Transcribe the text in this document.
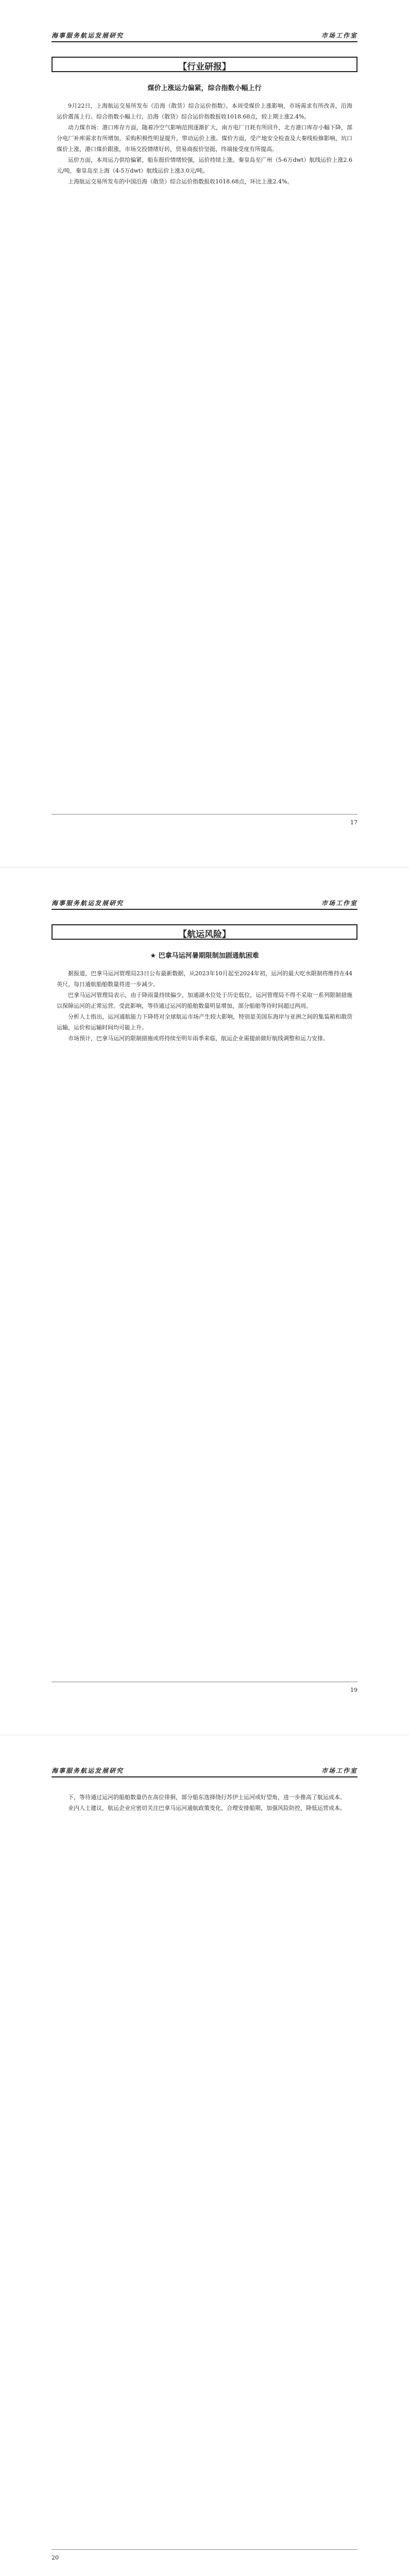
海事服务航运发展研究	市场工作室
【行业研报】
煤价上涨运力偏紧，综合指数小幅上行

9月22日，上海航运交易所发布《沿海（散货）综合运价指数》。本周受煤价上涨影响，市场需求有所改善，沿海运价震荡上行。综合指数小幅上行，沿海（散货）综合运价指数报收1018.68点，较上期上涨2.4%。

动力煤市场：港口库存方面，随着冷空气影响范围逐渐扩大，南方电厂日耗有所回升，北方港口库存小幅下降，部分电厂补库需求有所增加，采购积极性明显提升，带动运价上涨。煤价方面，受产地安全检查及大秦线检修影响，坑口煤价上涨，港口煤价跟涨，市场交投情绪好转，贸易商报价坚挺，终端接受度有所提高。

运价方面，本周运力供给偏紧，船东挺价情绪较强，运价持续上涨。秦皇岛至广州（5-6万dwt）航线运价上涨2.6元/吨，秦皇岛至上海（4-5万dwt）航线运价上涨3.0元/吨。

上海航运交易所发布的中国沿海（散货）综合运价指数报收1018.68点，环比上涨2.4%。

17
海事服务航运发展研究	市场工作室
【航运风险】
★ 巴拿马运河暑期限制加剧通航困难

据报道，巴拿马运河管理局23日公布最新数据，从2023年10月起至2024年初，运河的最大吃水限制将维持在44英尺，每日通航船舶数量将进一步减少。

巴拿马运河管理局表示，由于降雨量持续偏少，加通湖水位处于历史低位，运河管理局不得不采取一系列限制措施以保障运河的正常运营。受此影响，等待通过运河的船舶数量明显增加，部分船舶等待时间超过两周。

分析人士指出，运河通航能力下降将对全球航运市场产生较大影响，特别是美国东海岸与亚洲之间的集装箱和散货运输，运价和运输时间均可能上升。

市场预计，巴拿马运河的限制措施或将持续至明年雨季来临，航运企业需提前做好航线调整和运力安排。

19
海事服务航运发展研究	市场工作室

下，等待通过运河的船舶数量仍在高位徘徊，部分船东选择绕行苏伊士运河或好望角，进一步推高了航运成本。

业内人士建议，航运企业应密切关注巴拿马运河通航政策变化，合理安排船期，加强风险防控，降低运营成本。

20
